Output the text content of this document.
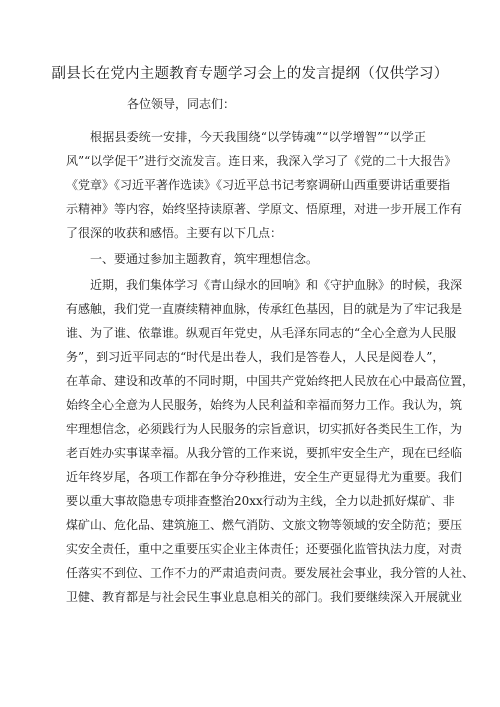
副县长在党内主题教育专题学习会上的发言提纲（仅供学习）
各位领导，同志们：
根据县委统一安排，今天我围绕“以学铸魂”“以学增智”“以学正
风”“以学促干”进行交流发言。连日来，我深入学习了《党的二十大报告》
《党章》《习近平著作选读》《习近平总书记考察调研山西重要讲话重要指
示精神》等内容，始终坚持读原著、学原文、悟原理，对进一步开展工作有
了很深的收获和感悟。主要有以下几点：
一、要通过参加主题教育，筑牢理想信念。
近期，我们集体学习《青山绿水的回响》和《守护血脉》的时候，我深
有感触，我们党一直赓续精神血脉，传承红色基因，目的就是为了牢记我是
谁、为了谁、依靠谁。纵观百年党史，从毛泽东同志的“全心全意为人民服
务”，到习近平同志的“时代是出卷人，我们是答卷人，人民是阅卷人”，
在革命、建设和改革的不同时期，中国共产党始终把人民放在心中最高位置，
始终全心全意为人民服务，始终为人民利益和幸福而努力工作。我认为，筑
牢理想信念，必须践行为人民服务的宗旨意识，切实抓好各类民生工作，为
老百姓办实事谋幸福。从我分管的工作来说，要抓牢安全生产，现在已经临
近年终岁尾，各项工作都在争分夺秒推进，安全生产更显得尤为重要。我们
要以重大事故隐患专项排查整治20xx行动为主线，全力以赴抓好煤矿、非
煤矿山、危化品、建筑施工、燃气消防、文旅文物等领域的安全防范；要压
实安全责任，重中之重要压实企业主体责任；还要强化监管执法力度，对责
任落实不到位、工作不力的严肃追责问责。要发展社会事业，我分管的人社、
卫健、教育都是与社会民生事业息息相关的部门。我们要继续深入开展就业
